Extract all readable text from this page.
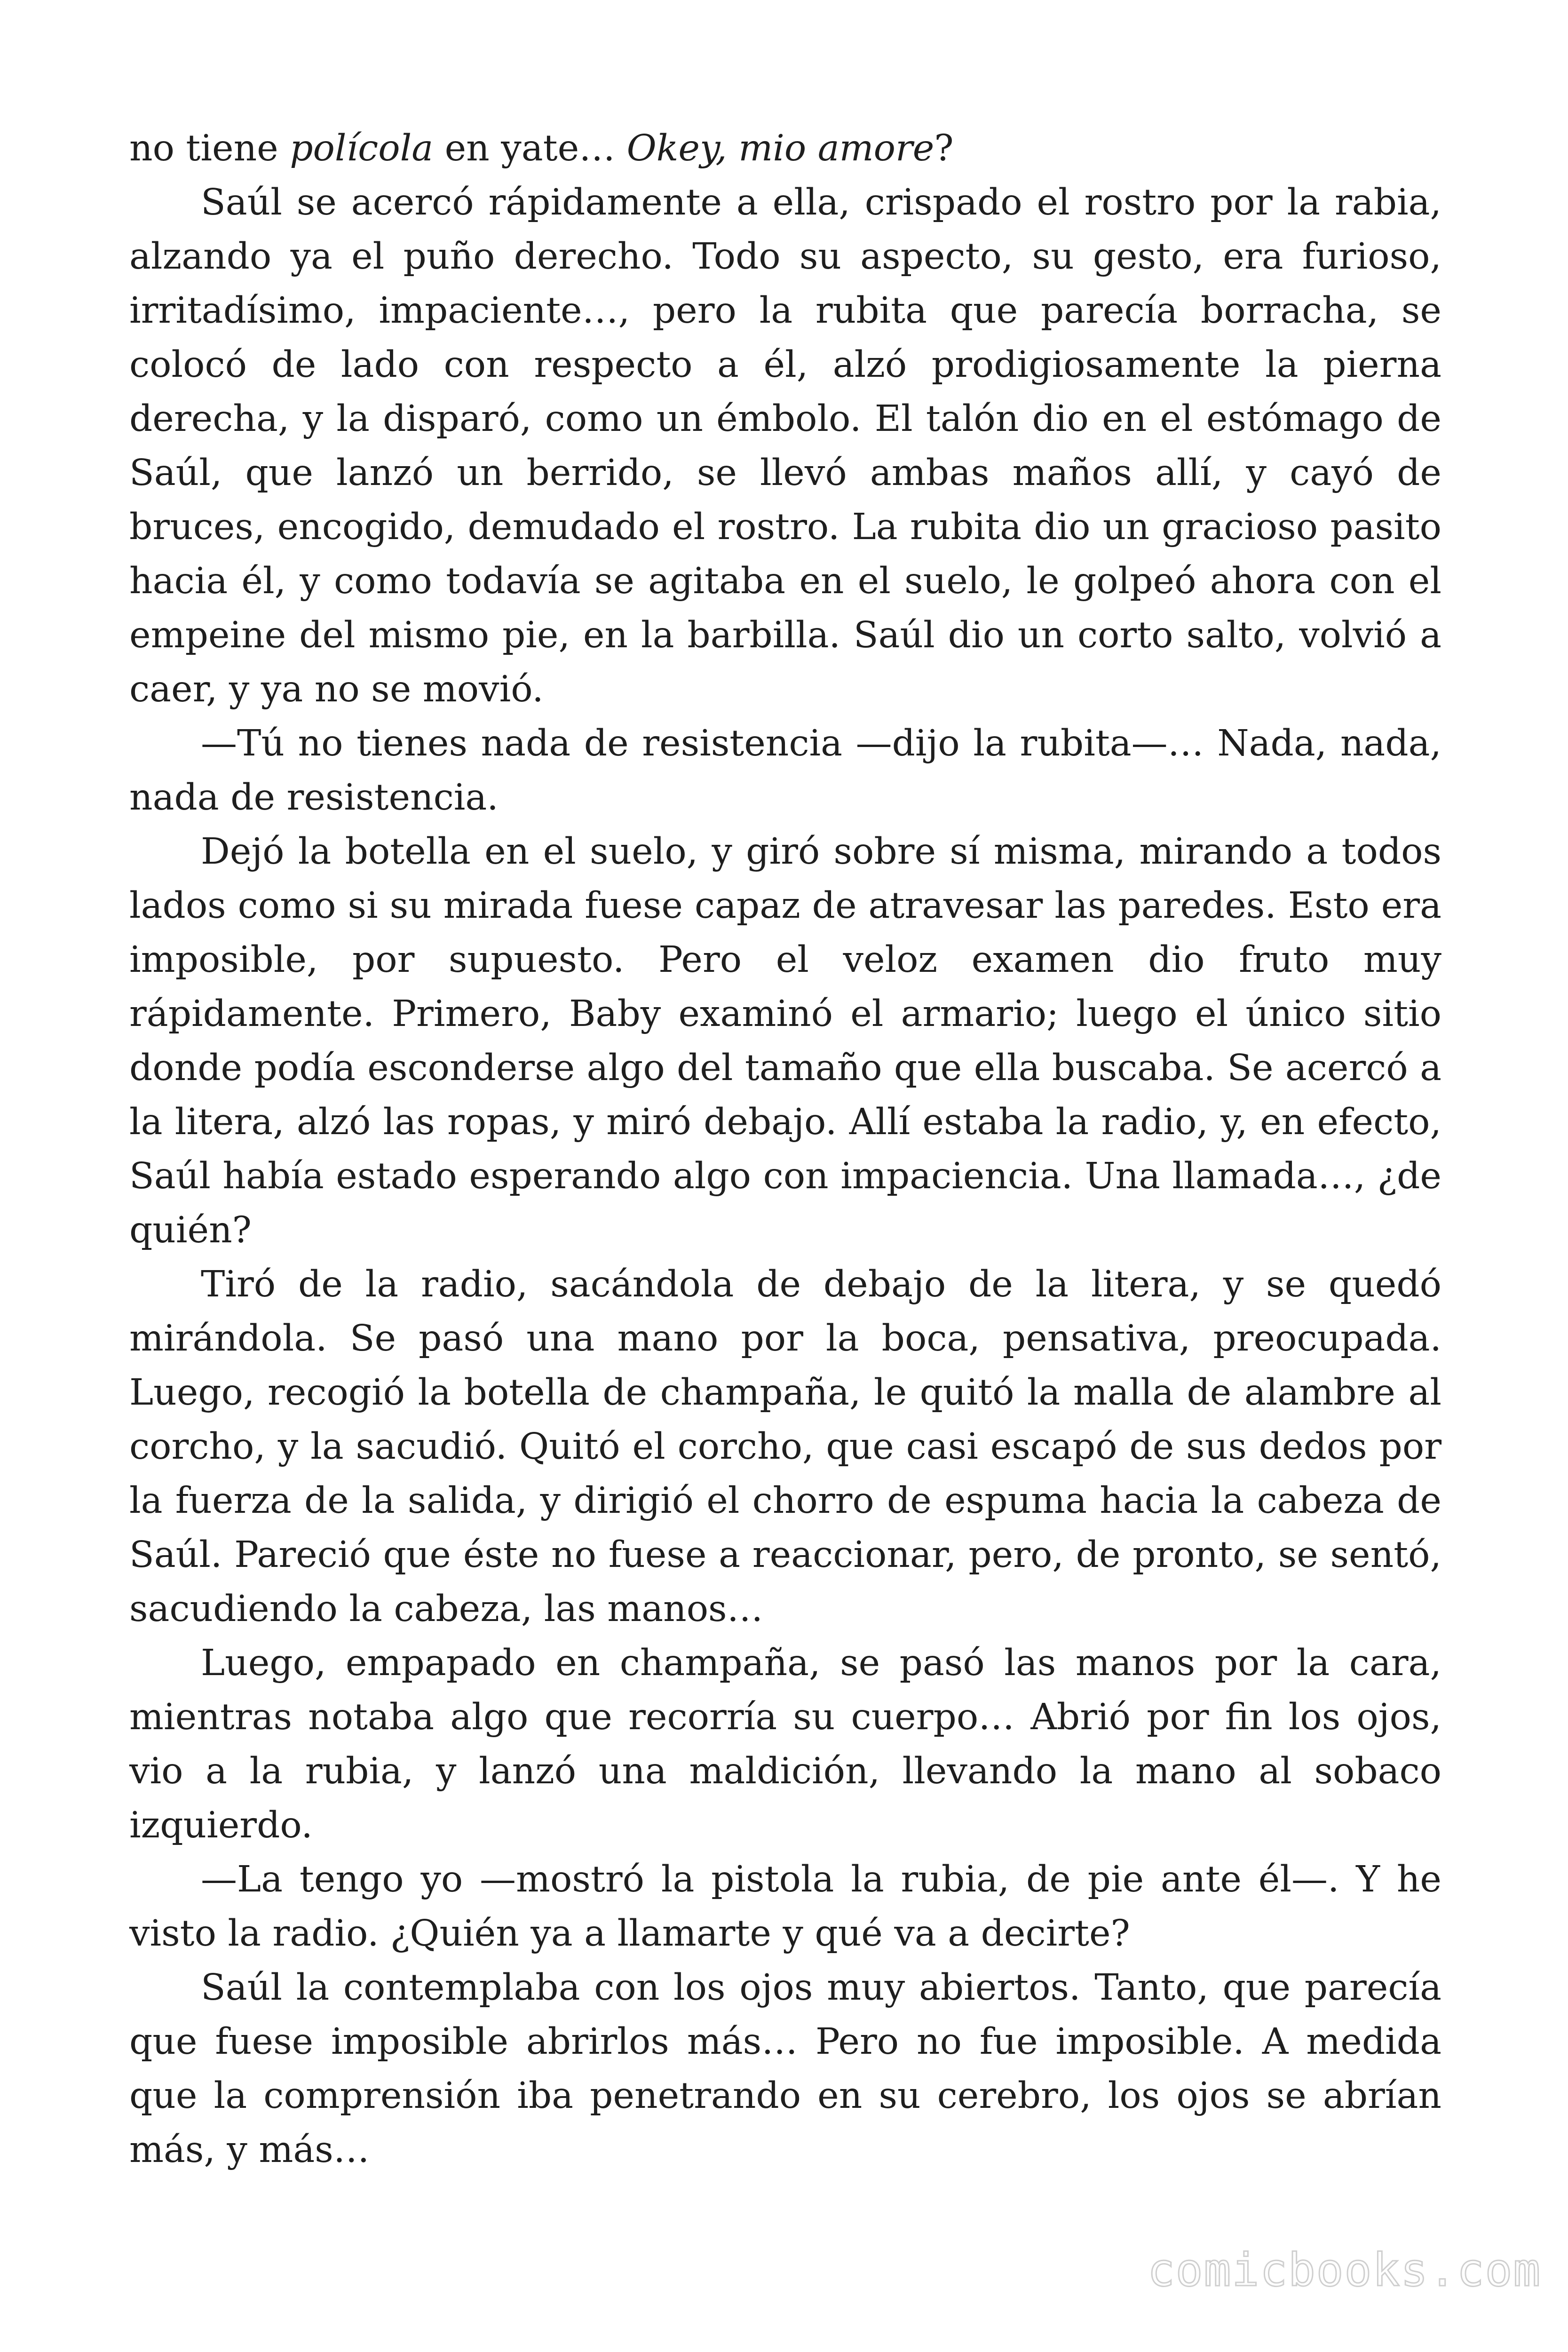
no tiene polícola en yate… Okey, mio amore?

Saúl se acercó rápidamente a ella, crispado el rostro por la rabia, alzando ya el puño derecho. Todo su aspecto, su gesto, era furioso, irritadísimo, impaciente…, pero la rubita que parecía borracha, se colocó de lado con respecto a él, alzó prodigiosamente la pierna derecha, y la disparó, como un émbolo. El talón dio en el estómago de Saúl, que lanzó un berrido, se llevó ambas maños allí, y cayó de bruces, encogido, demudado el rostro. La rubita dio un gracioso pasito hacia él, y como todavía se agitaba en el suelo, le golpeó ahora con el empeine del mismo pie, en la barbilla. Saúl dio un corto salto, volvió a caer, y ya no se movió.

—Tú no tienes nada de resistencia —dijo la rubita—… Nada, nada, nada de resistencia.

Dejó la botella en el suelo, y giró sobre sí misma, mirando a todos lados como si su mirada fuese capaz de atravesar las paredes. Esto era imposible, por supuesto. Pero el veloz examen dio fruto muy rápidamente. Primero, Baby examinó el armario; luego el único sitio donde podía esconderse algo del tamaño que ella buscaba. Se acercó a la litera, alzó las ropas, y miró debajo. Allí estaba la radio, y, en efecto, Saúl había estado esperando algo con impaciencia. Una llamada…, ¿de quién?

Tiró de la radio, sacándola de debajo de la litera, y se quedó mirándola. Se pasó una mano por la boca, pensativa, preocupada. Luego, recogió la botella de champaña, le quitó la malla de alambre al corcho, y la sacudió. Quitó el corcho, que casi escapó de sus dedos por la fuerza de la salida, y dirigió el chorro de espuma hacia la cabeza de Saúl. Pareció que éste no fuese a reaccionar, pero, de pronto, se sentó, sacudiendo la cabeza, las manos…

Luego, empapado en champaña, se pasó las manos por la cara, mientras notaba algo que recorría su cuerpo… Abrió por fin los ojos, vio a la rubia, y lanzó una maldición, llevando la mano al sobaco izquierdo.

—La tengo yo —mostró la pistola la rubia, de pie ante él—. Y he visto la radio. ¿Quién ya a llamarte y qué va a decirte?

Saúl la contemplaba con los ojos muy abiertos. Tanto, que parecía que fuese imposible abrirlos más… Pero no fue imposible. A medida que la comprensión iba penetrando en su cerebro, los ojos se abrían más, y más…

comicbooks.com
